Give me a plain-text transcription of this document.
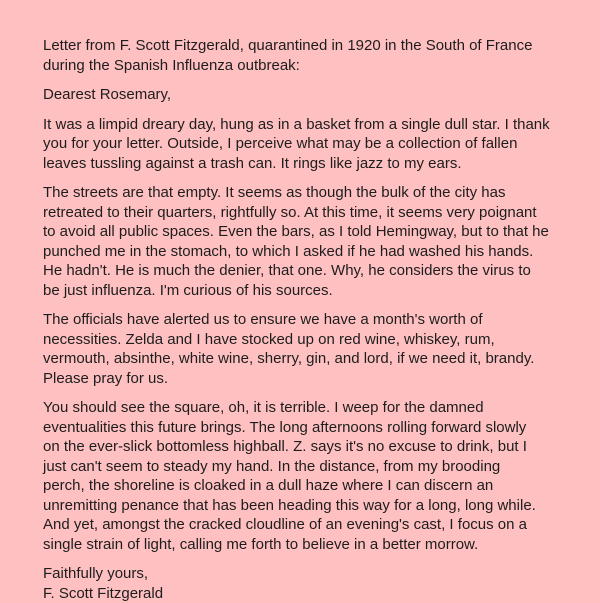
Letter from F. Scott Fitzgerald, quarantined in 1920 in the South of France
during the Spanish Influenza outbreak:
Dearest Rosemary,
It was a limpid dreary day, hung as in a basket from a single dull star. I thank
you for your letter. Outside, I perceive what may be a collection of fallen
leaves tussling against a trash can. It rings like jazz to my ears.
The streets are that empty. It seems as though the bulk of the city has
retreated to their quarters, rightfully so. At this time, it seems very poignant
to avoid all public spaces. Even the bars, as I told Hemingway, but to that he
punched me in the stomach, to which I asked if he had washed his hands.
He hadn't. He is much the denier, that one. Why, he considers the virus to
be just influenza. I'm curious of his sources.
The officials have alerted us to ensure we have a month's worth of
necessities. Zelda and I have stocked up on red wine, whiskey, rum,
vermouth, absinthe, white wine, sherry, gin, and lord, if we need it, brandy.
Please pray for us.
You should see the square, oh, it is terrible. I weep for the damned
eventualities this future brings. The long afternoons rolling forward slowly
on the ever-slick bottomless highball. Z. says it's no excuse to drink, but I
just can't seem to steady my hand. In the distance, from my brooding
perch, the shoreline is cloaked in a dull haze where I can discern an
unremitting penance that has been heading this way for a long, long while.
And yet, amongst the cracked cloudline of an evening's cast, I focus on a
single strain of light, calling me forth to believe in a better morrow.
Faithfully yours,
F. Scott Fitzgerald
